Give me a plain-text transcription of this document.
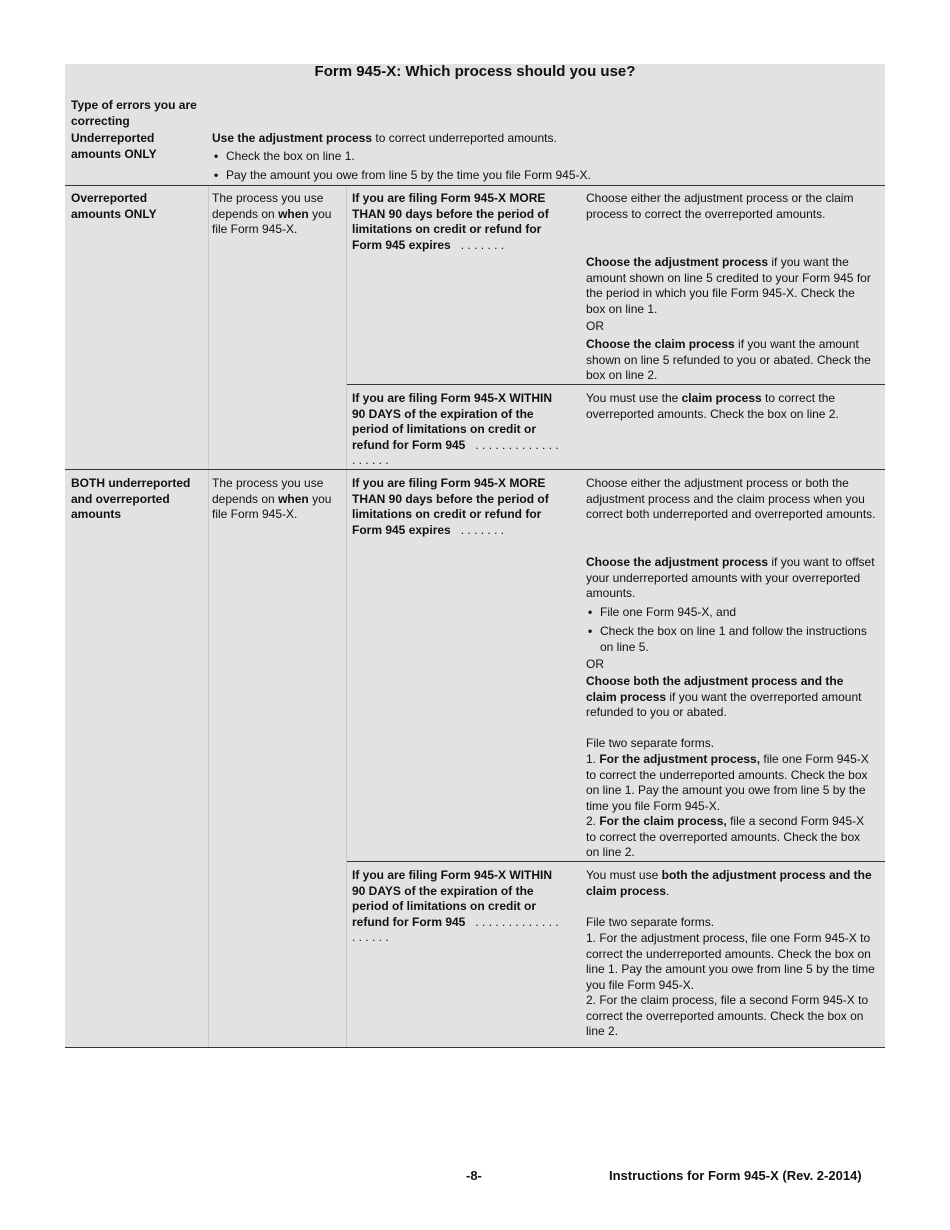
Form 945-X: Which process should you use?
Type of errors you are correcting
Underreported amounts ONLY
Use the adjustment process to correct underreported amounts.
• Check the box on line 1.
• Pay the amount you owe from line 5 by the time you file Form 945-X.
Overreported amounts ONLY
The process you use depends on when you file Form 945-X.
If you are filing Form 945-X MORE THAN 90 days before the period of limitations on credit or refund for Form 945 expires . . . . . . .
Choose either the adjustment process or the claim process to correct the overreported amounts.
Choose the adjustment process if you want the amount shown on line 5 credited to your Form 945 for the period in which you file Form 945-X. Check the box on line 1.
OR
Choose the claim process if you want the amount shown on line 5 refunded to you or abated. Check the box on line 2.
If you are filing Form 945-X WITHIN 90 DAYS of the expiration of the period of limitations on credit or refund for Form 945 . . . . . . . . . . . . . . . . . . .
You must use the claim process to correct the overreported amounts. Check the box on line 2.
BOTH underreported and overreported amounts
The process you use depends on when you file Form 945-X.
If you are filing Form 945-X MORE THAN 90 days before the period of limitations on credit or refund for Form 945 expires . . . . . . .
Choose either the adjustment process or both the adjustment process and the claim process when you correct both underreported and overreported amounts.
Choose the adjustment process if you want to offset your underreported amounts with your overreported amounts.
• File one Form 945-X, and
• Check the box on line 1 and follow the instructions on line 5.
OR
Choose both the adjustment process and the claim process if you want the overreported amount refunded to you or abated.
File two separate forms.
1. For the adjustment process, file one Form 945-X to correct the underreported amounts. Check the box on line 1. Pay the amount you owe from line 5 by the time you file Form 945-X.
2. For the claim process, file a second Form 945-X to correct the overreported amounts. Check the box on line 2.
If you are filing Form 945-X WITHIN 90 DAYS of the expiration of the period of limitations on credit or refund for Form 945 . . . . . . . . . . . . . . . . . . .
You must use both the adjustment process and the claim process.
File two separate forms.
1. For the adjustment process, file one Form 945-X to correct the underreported amounts. Check the box on line 1. Pay the amount you owe from line 5 by the time you file Form 945-X.
2. For the claim process, file a second Form 945-X to correct the overreported amounts. Check the box on line 2.
-8-	Instructions for Form 945-X (Rev. 2-2014)
